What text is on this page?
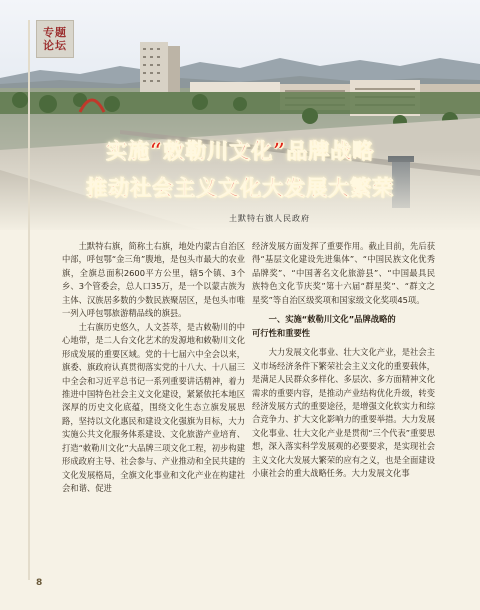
专题
论坛
实施“敕勒川文化”品牌战略
推动社会主义文化大发展大繁荣
土默特右旗人民政府

土默特右旗，简称土右旗，地处内蒙古自治区中部，呼包鄂“金三角”腹地，是包头市最大的农业旗，全旗总面积2600平方公里，辖5个镇、3个乡、3个管委会，总人口35万，是一个以蒙古族为主体、汉族居多数的少数民族聚居区，是包头市唯一列入呼包鄂旅游精品线的旗县。

土右旗历史悠久，人文荟萃，是古敕勒川的中心地带，是二人台文化艺术的发源地和敕勒川文化形成发展的重要区域。党的十七届六中全会以来，旗委、旗政府认真贯彻落实党的十八大、十八届三中全会和习近平总书记一系列重要讲话精神，着力推进中国特色社会主义文化建设，紧紧依托本地区深厚的历史文化底蕴，围绕文化生态立旗发展思路，坚持以文化惠民和建设文化强旗为目标，大力实施公共文化服务体系建设、文化旅游产业培育、打造“敕勒川文化”大品牌三项文化工程，初步构建形成政府主导、社会参与、产业推动和全民共建的文化发展格局，全旗文化事业和文化产业在构建社会和谐、促进

经济发展方面发挥了重要作用。截止目前，先后获得“基层文化建设先进集体”、“中国民族文化优秀品牌奖”、“中国著名文化旅游县”、“中国最具民族特色文化节庆奖”第十六届“群星奖”、“群文之星奖”等自治区级奖项和国家级文化奖项45项。

一、实施“敕勒川文化”品牌战略的
可行性和重要性

大力发展文化事业、壮大文化产业，是社会主义市场经济条件下繁荣社会主义文化的重要载体，是满足人民群众多样化、多层次、多方面精神文化需求的重要内容，是推动产业结构优化升级，转变经济发展方式的重要途径，是增强文化软实力和综合竞争力、扩大文化影响力的重要举措。大力发展文化事业、壮大文化产业是贯彻“三个代表”重要思想，深入落实科学发展观的必要要求，是实现社会主义文化大发展大繁荣的应有之义，也是全面建设小康社会的重大战略任务。大力发展文化事

8
